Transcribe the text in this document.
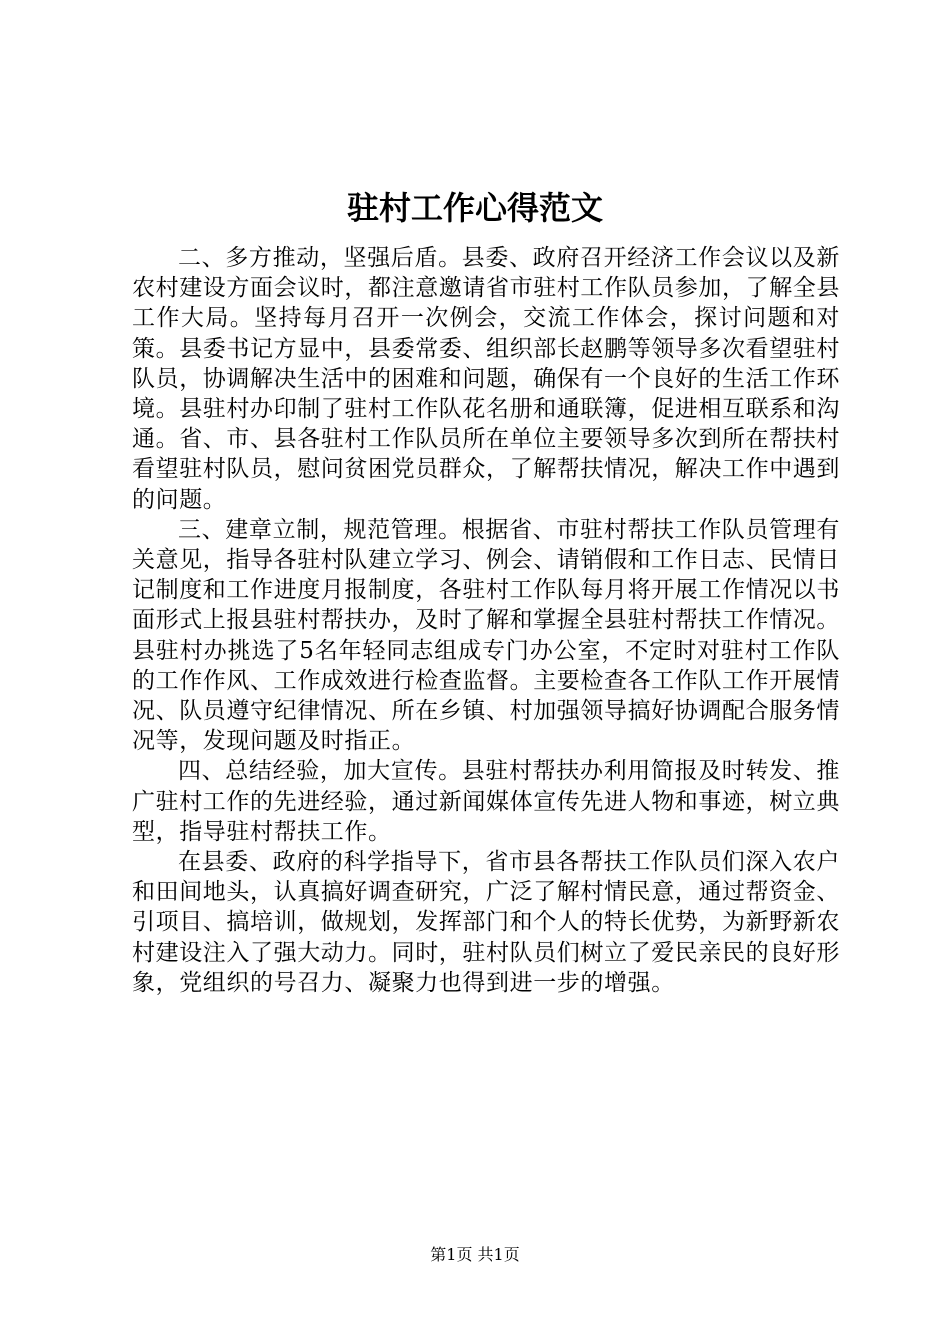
驻村工作心得范文

二、多方推动，坚强后盾。县委、政府召开经济工作会议以及新农村建设方面会议时，都注意邀请省市驻村工作队员参加，了解全县工作大局。坚持每月召开一次例会，交流工作体会，探讨问题和对策。县委书记方显中，县委常委、组织部长赵鹏等领导多次看望驻村队员，协调解决生活中的困难和问题，确保有一个良好的生活工作环境。县驻村办印制了驻村工作队花名册和通联簿，促进相互联系和沟通。省、市、县各驻村工作队员所在单位主要领导多次到所在帮扶村看望驻村队员，慰问贫困党员群众，了解帮扶情况，解决工作中遇到的问题。

三、建章立制，规范管理。根据省、市驻村帮扶工作队员管理有关意见，指导各驻村队建立学习、例会、请销假和工作日志、民情日记制度和工作进度月报制度，各驻村工作队每月将开展工作情况以书面形式上报县驻村帮扶办，及时了解和掌握全县驻村帮扶工作情况。县驻村办挑选了5名年轻同志组成专门办公室，不定时对驻村工作队的工作作风、工作成效进行检查监督。主要检查各工作队工作开展情况、队员遵守纪律情况、所在乡镇、村加强领导搞好协调配合服务情况等，发现问题及时指正。

四、总结经验，加大宣传。县驻村帮扶办利用简报及时转发、推广驻村工作的先进经验，通过新闻媒体宣传先进人物和事迹，树立典型，指导驻村帮扶工作。

在县委、政府的科学指导下，省市县各帮扶工作队员们深入农户和田间地头，认真搞好调查研究，广泛了解村情民意，通过帮资金、引项目、搞培训，做规划，发挥部门和个人的特长优势，为新野新农村建设注入了强大动力。同时，驻村队员们树立了爱民亲民的良好形象，党组织的号召力、凝聚力也得到进一步的增强。

第1页 共1页
